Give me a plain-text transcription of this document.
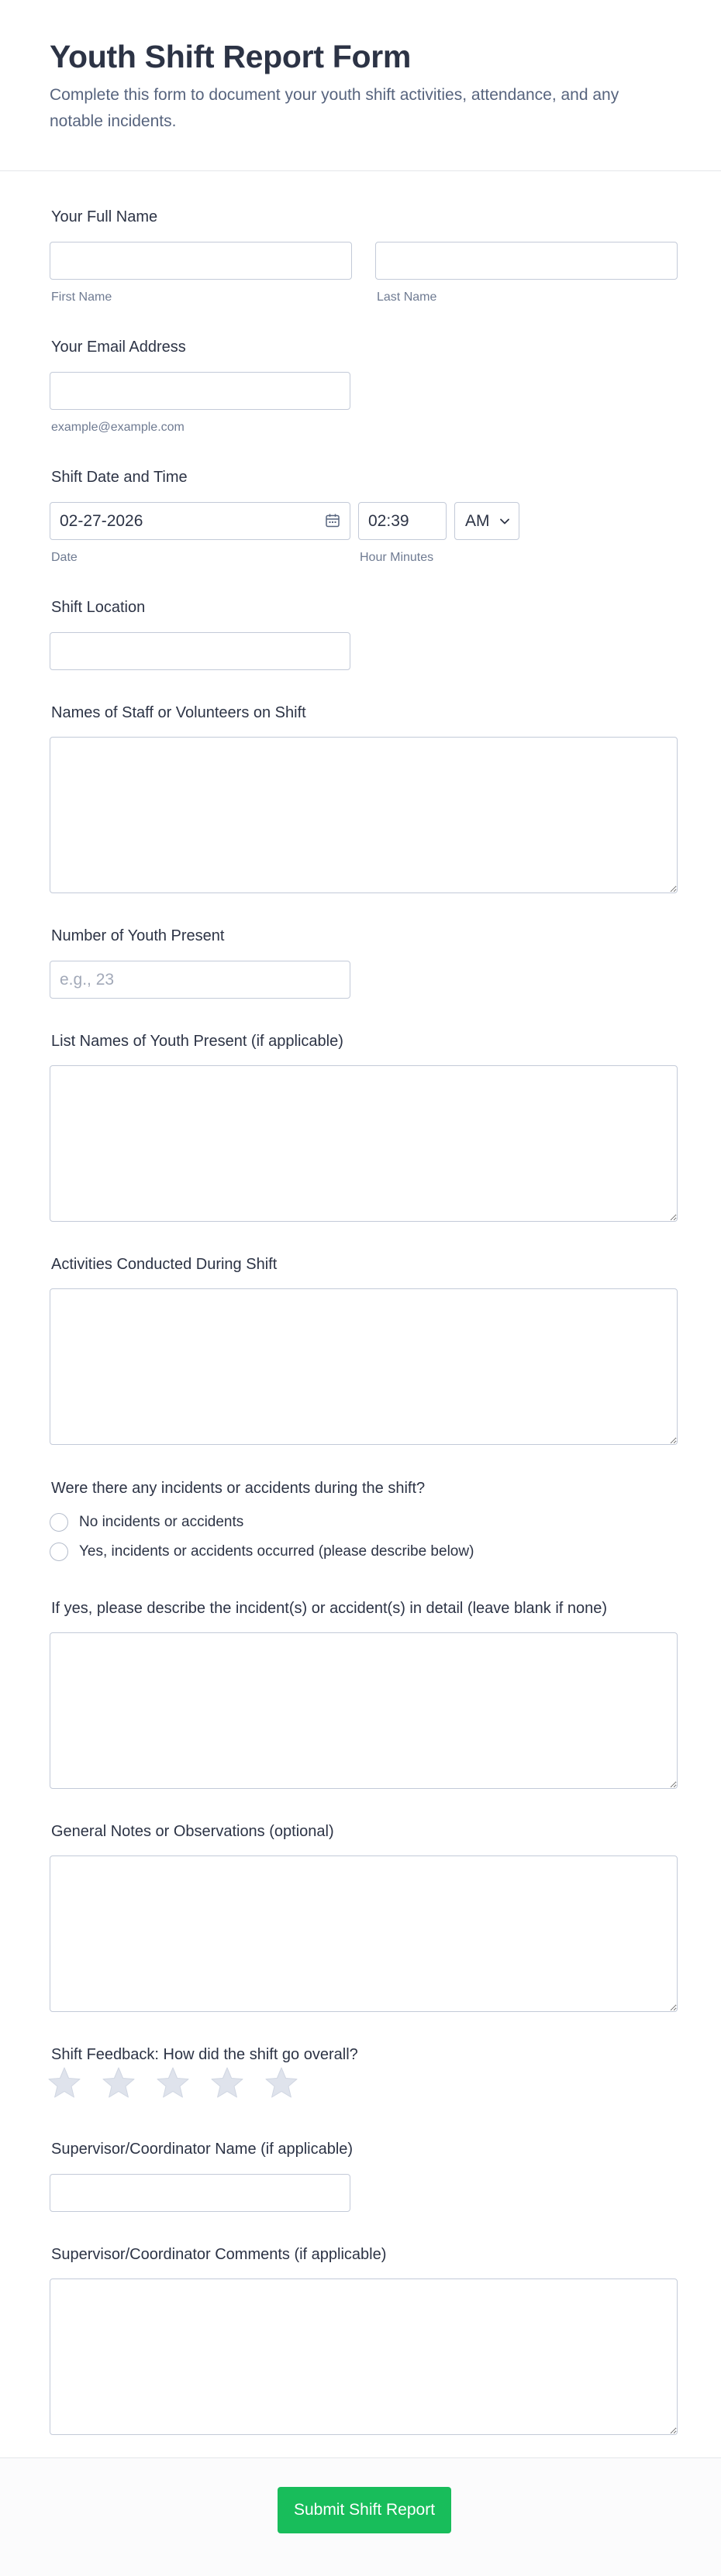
Youth Shift Report Form

Complete this form to document your youth shift activities, attendance, and any notable incidents.

Your Full Name
First Name	Last Name
Your Email Address
example@example.com
Shift Date and Time
02-27-2026	02:39	AM
Date	Hour Minutes
Shift Location
Names of Staff or Volunteers on Shift
Number of Youth Present
e.g., 23
List Names of Youth Present (if applicable)
Activities Conducted During Shift
Were there any incidents or accidents during the shift?
No incidents or accidents
Yes, incidents or accidents occurred (please describe below)
If yes, please describe the incident(s) or accident(s) in detail (leave blank if none)
General Notes or Observations (optional)
Shift Feedback: How did the shift go overall?
Supervisor/Coordinator Name (if applicable)
Supervisor/Coordinator Comments (if applicable)
Submit Shift Report
